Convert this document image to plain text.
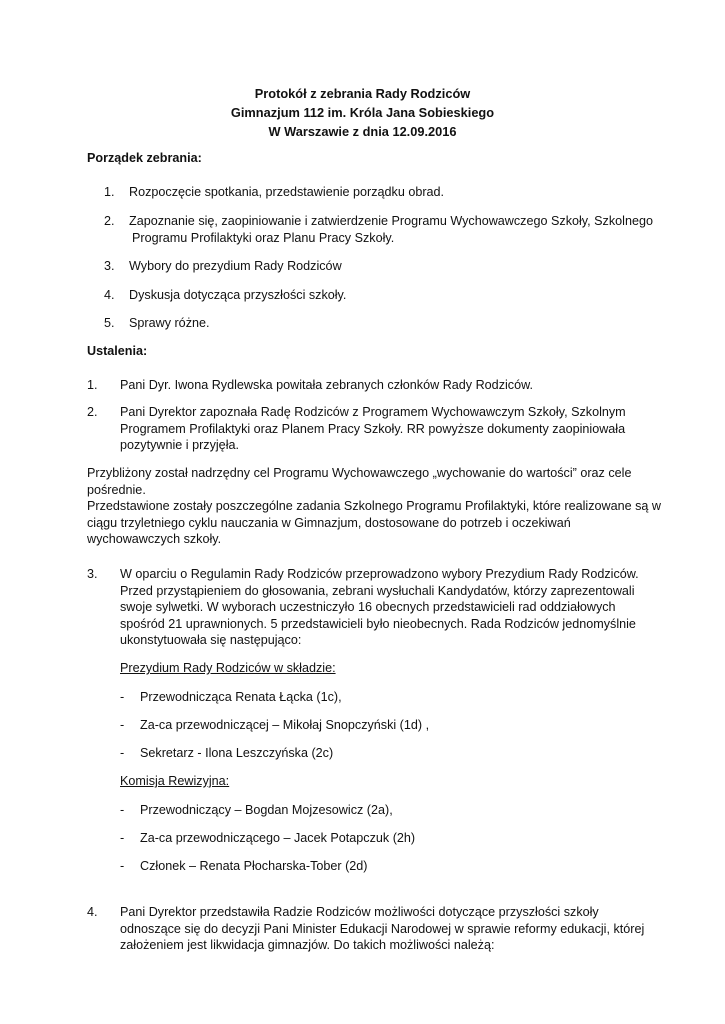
Protokół z zebrania Rady Rodziców
Gimnazjum 112 im. Króla Jana Sobieskiego
W Warszawie z dnia 12.09.2016
Porządek zebrania:
1. Rozpoczęcie spotkania, przedstawienie porządku obrad.
2. Zapoznanie się, zaopiniowanie i zatwierdzenie Programu Wychowawczego Szkoły, Szkolnego
Programu Profilaktyki oraz Planu Pracy Szkoły.
3. Wybory do prezydium Rady Rodziców
4. Dyskusja dotycząca przyszłości szkoły.
5. Sprawy różne.
Ustalenia:
1. Pani Dyr. Iwona Rydlewska powitała zebranych członków Rady Rodziców.
2. Pani Dyrektor zapoznała Radę Rodziców z Programem Wychowawczym Szkoły, Szkolnym
Programem Profilaktyki oraz Planem Pracy Szkoły. RR powyższe dokumenty zaopiniowała
pozytywnie i przyjęła.
Przybliżony został nadrzędny cel Programu Wychowawczego „wychowanie do wartości” oraz cele
pośrednie.
Przedstawione zostały poszczególne zadania Szkolnego Programu Profilaktyki, które realizowane są w
ciągu trzyletniego cyklu nauczania w Gimnazjum, dostosowane do potrzeb i oczekiwań
wychowawczych szkoły.
3. W oparciu o Regulamin Rady Rodziców przeprowadzono wybory Prezydium Rady Rodziców.
Przed przystąpieniem do głosowania, zebrani wysłuchali Kandydatów, którzy zaprezentowali
swoje sylwetki. W wyborach uczestniczyło 16 obecnych przedstawicieli rad oddziałowych
spośród 21 uprawnionych. 5 przedstawicieli było nieobecnych. Rada Rodziców jednomyślnie
ukonstytuowała się następująco:
Prezydium Rady Rodziców w składzie:
- Przewodnicząca Renata Łącka (1c),
- Za-ca przewodniczącej – Mikołaj Snopczyński (1d) ,
- Sekretarz - Ilona Leszczyńska (2c)
Komisja Rewizyjna:
- Przewodniczący – Bogdan Mojzesowicz (2a),
- Za-ca przewodniczącego – Jacek Potapczuk (2h)
- Członek – Renata Płocharska-Tober (2d)
4. Pani Dyrektor przedstawiła Radzie Rodziców możliwości dotyczące przyszłości szkoły
odnoszące się do decyzji Pani Minister Edukacji Narodowej w sprawie reformy edukacji, której
założeniem jest likwidacja gimnazjów. Do takich możliwości należą:
